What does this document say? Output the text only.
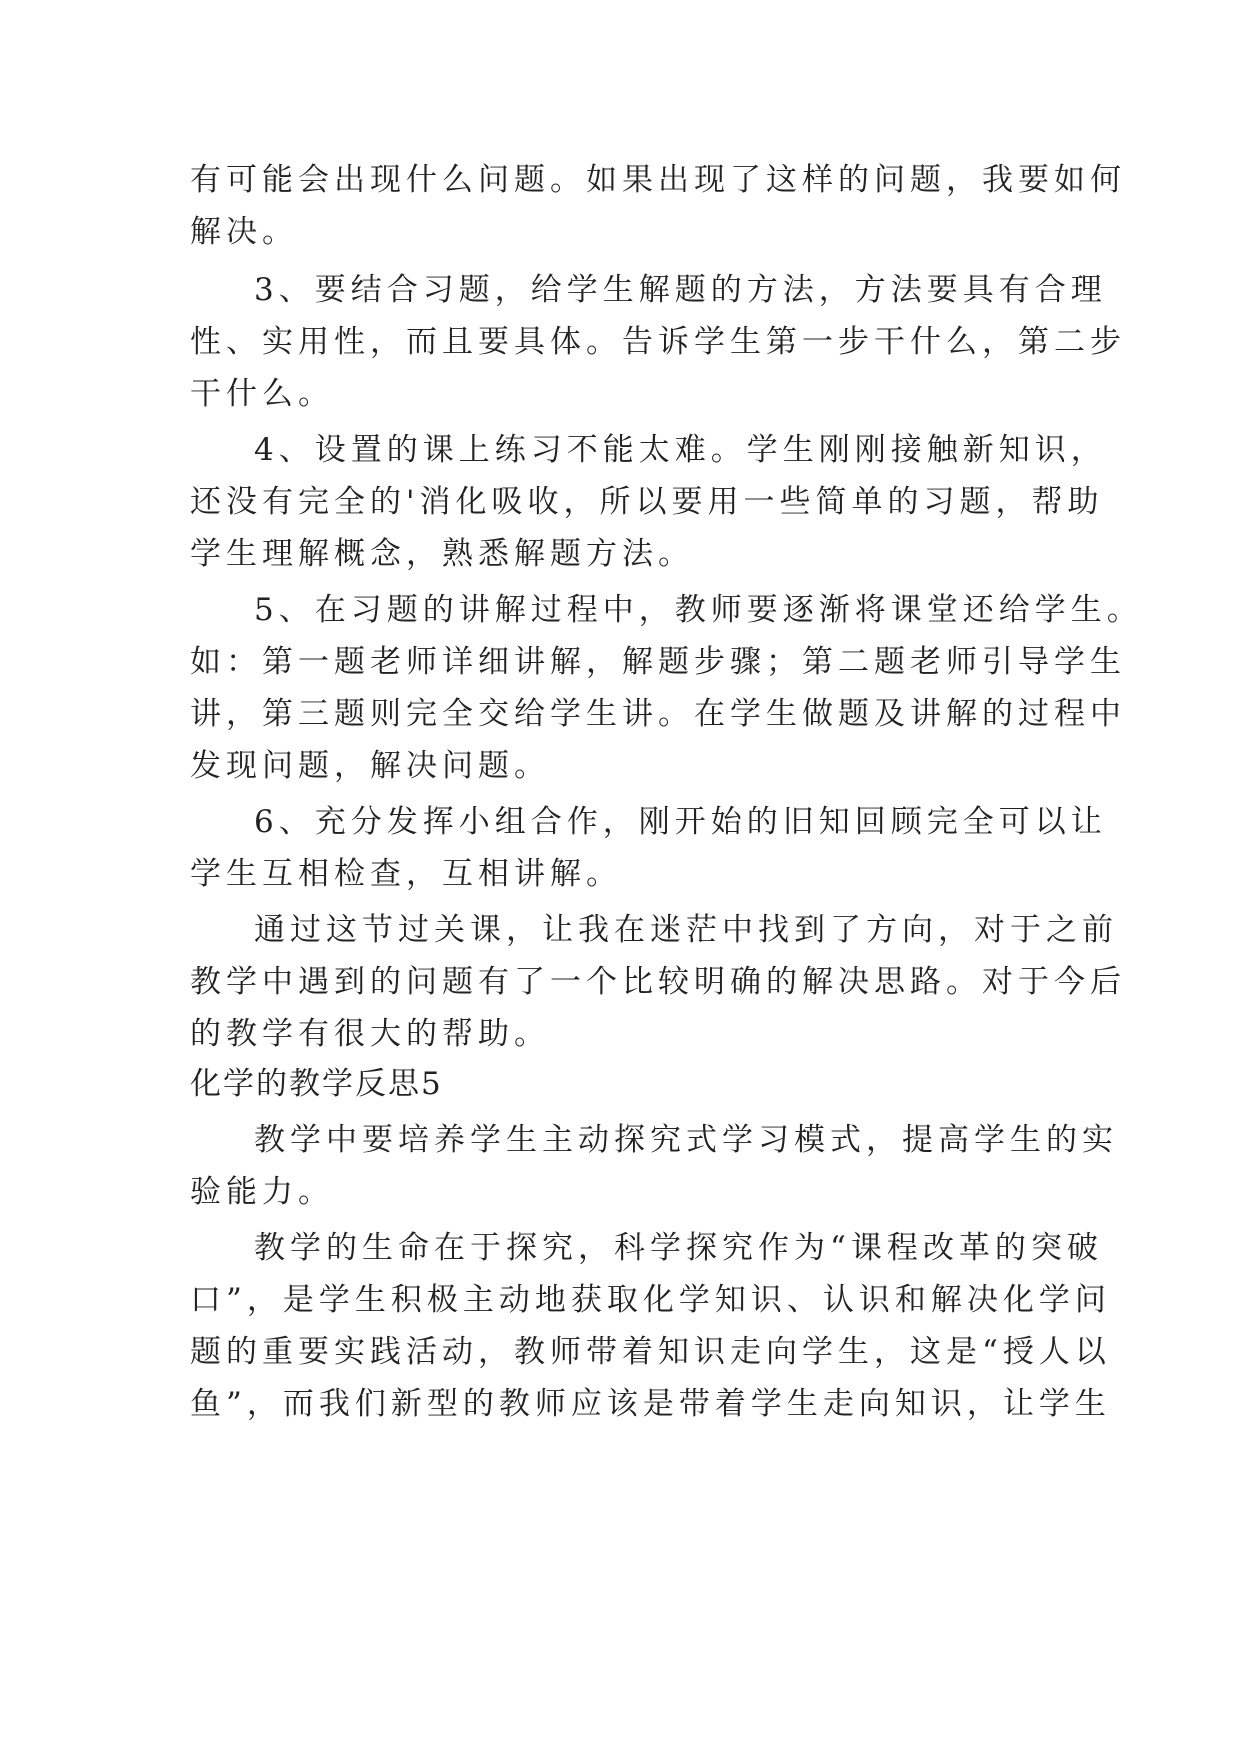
有可能会出现什么问题。如果出现了这样的问题，我要如何
解决。
3、要结合习题，给学生解题的方法，方法要具有合理
性、实用性，而且要具体。告诉学生第一步干什么，第二步
干什么。
4、设置的课上练习不能太难。学生刚刚接触新知识，
还没有完全的'消化吸收，所以要用一些简单的习题，帮助
学生理解概念，熟悉解题方法。
5、在习题的讲解过程中，教师要逐渐将课堂还给学生。
如：第一题老师详细讲解，解题步骤；第二题老师引导学生
讲，第三题则完全交给学生讲。在学生做题及讲解的过程中
发现问题，解决问题。
6、充分发挥小组合作，刚开始的旧知回顾完全可以让
学生互相检查，互相讲解。
通过这节过关课，让我在迷茫中找到了方向，对于之前
教学中遇到的问题有了一个比较明确的解决思路。对于今后
的教学有很大的帮助。
化学的教学反思5
教学中要培养学生主动探究式学习模式，提高学生的实
验能力。
教学的生命在于探究，科学探究作为“课程改革的突破
口”，是学生积极主动地获取化学知识、认识和解决化学问
题的重要实践活动，教师带着知识走向学生，这是“授人以
鱼”，而我们新型的教师应该是带着学生走向知识，让学生
